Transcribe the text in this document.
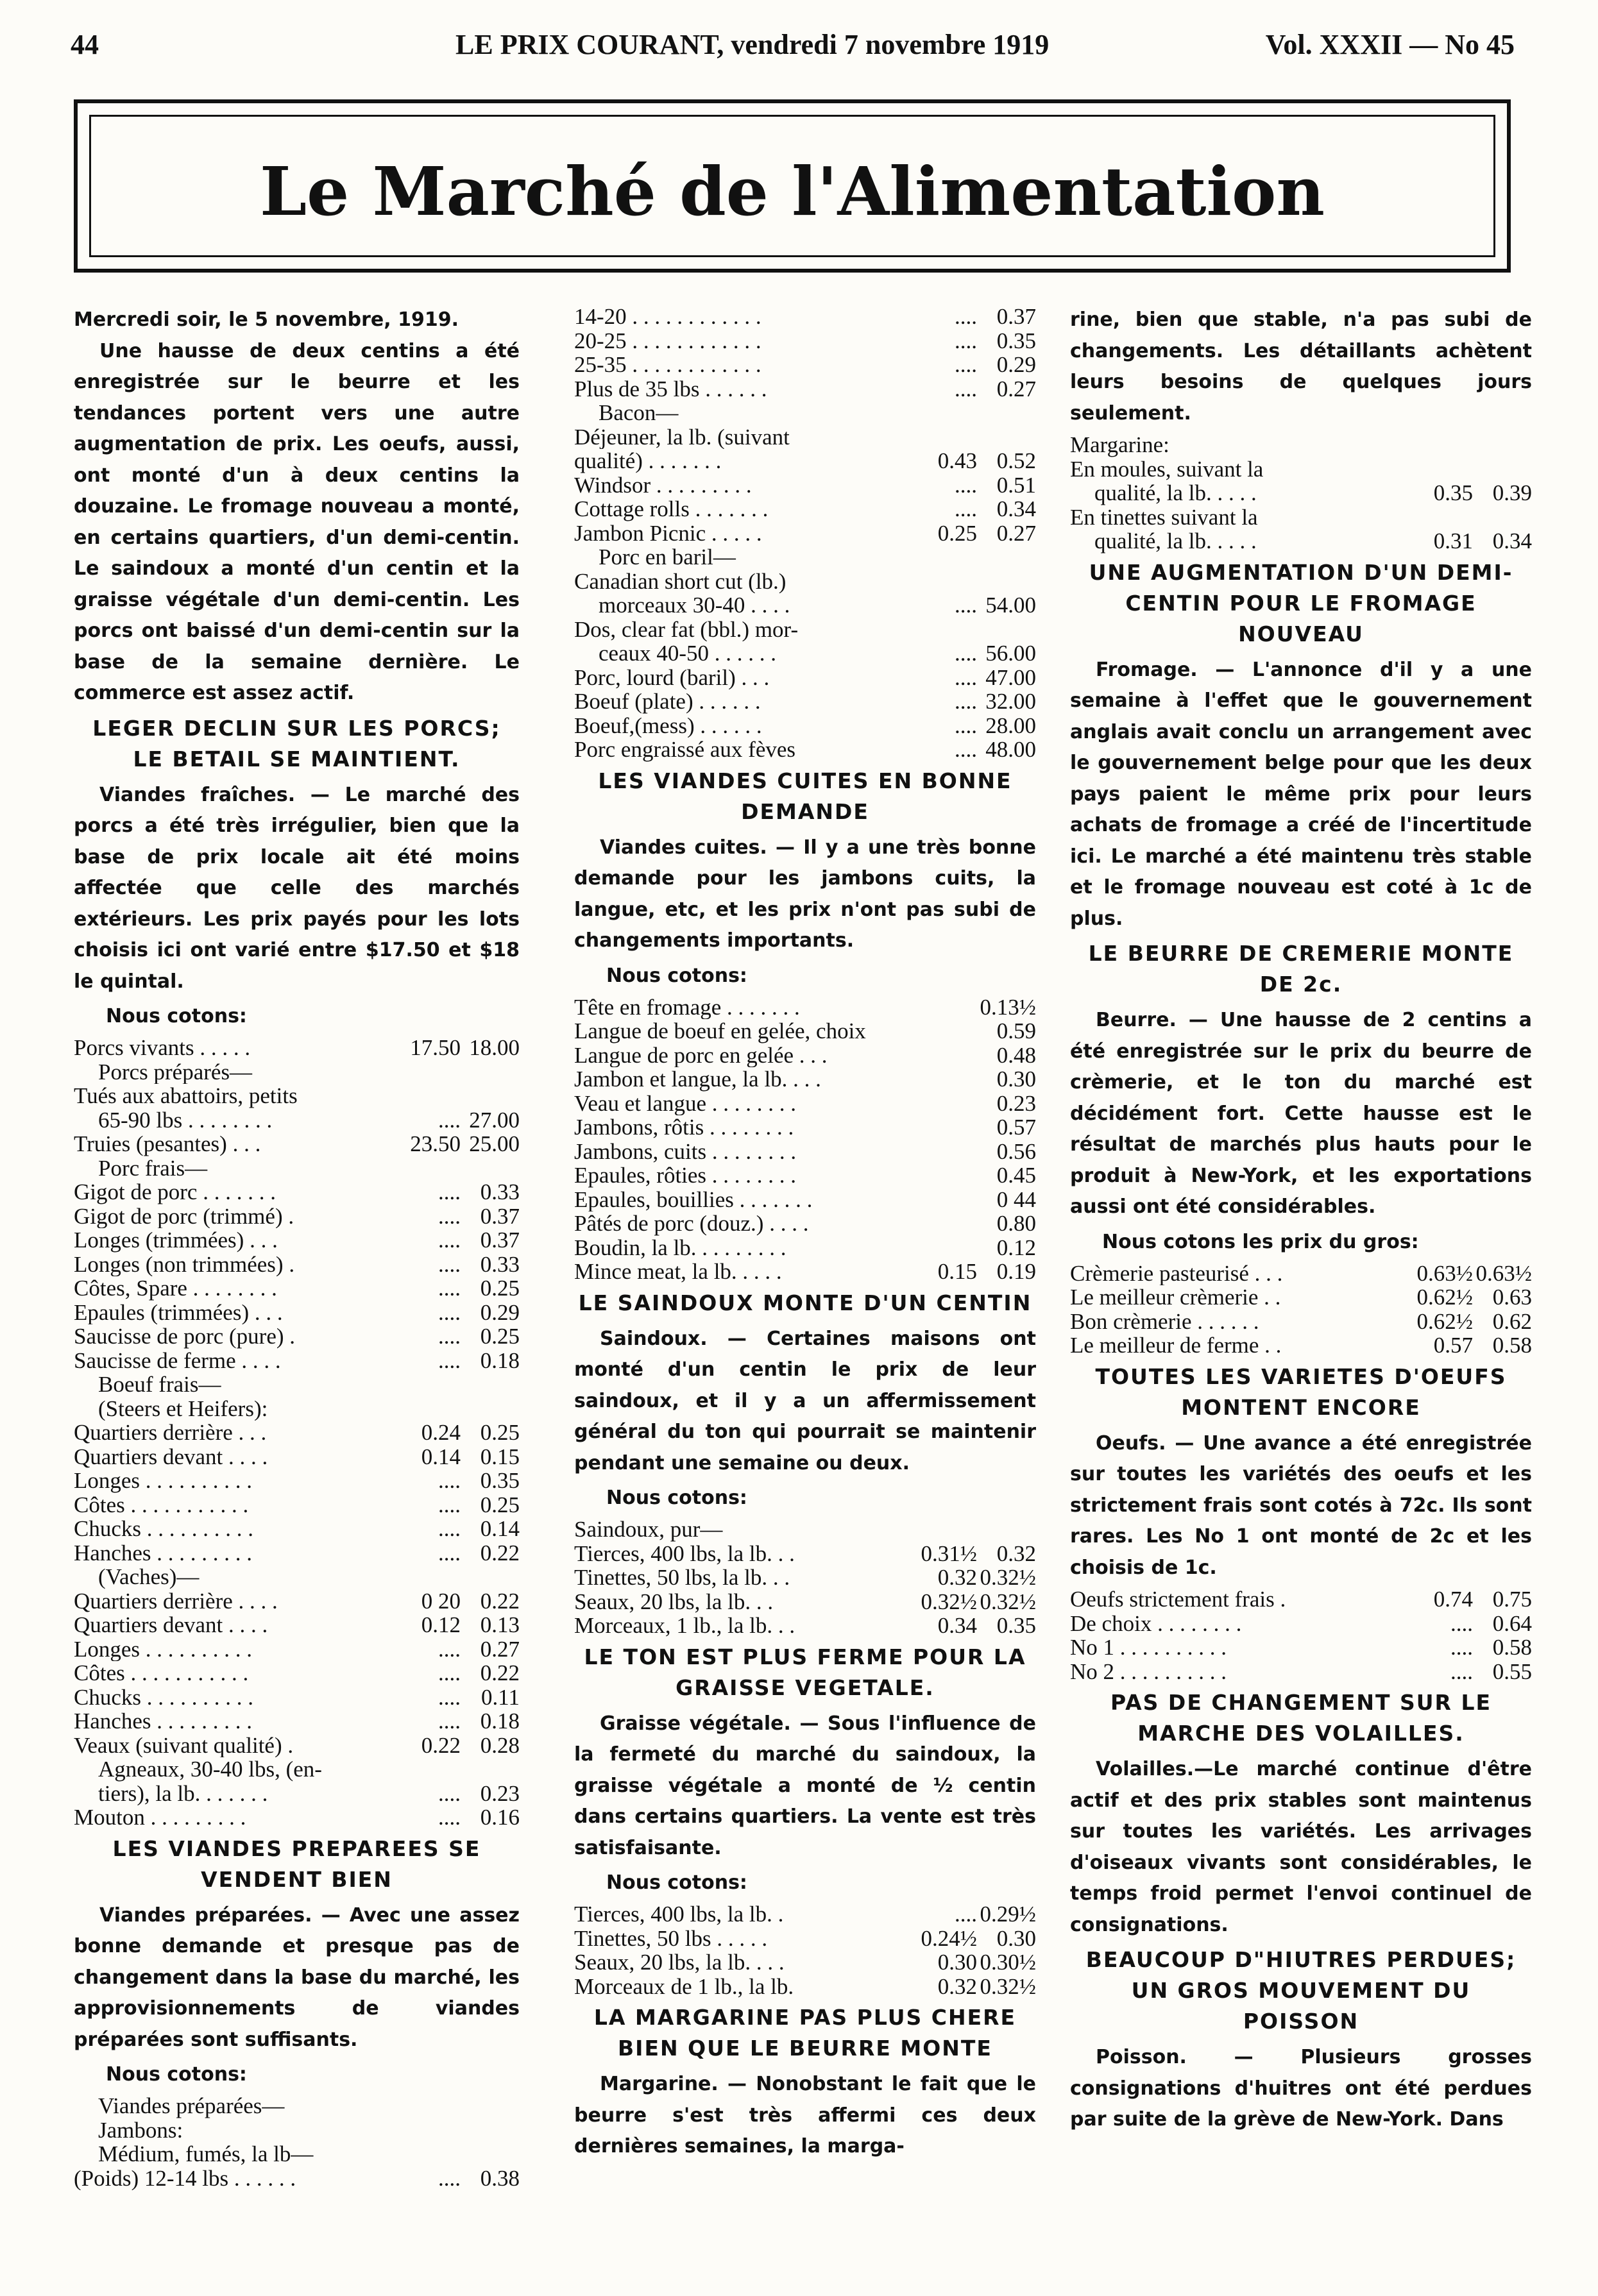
44	LE PRIX COURANT, vendredi 7 novembre 1919	Vol. XXXII — No 45
Le Marché de l'Alimentation

Mercredi soir, le 5 novembre, 1919.

Une hausse de deux centins a été enregistrée sur le beurre et les tendances portent vers une autre augmentation de prix. Les oeufs, aussi, ont monté d'un à deux centins la douzaine. Le fromage nouveau a monté, en certains quartiers, d'un demi-centin. Le saindoux a monté d'un centin et la graisse végétale d'un demi-centin. Les porcs ont baissé d'un demi-centin sur la base de la semaine dernière. Le commerce est assez actif.

LEGER DECLIN SUR LES PORCS; LE BETAIL SE MAINTIENT.

Viandes fraîches. — Le marché des porcs a été très irrégulier, bien que la base de prix locale ait été moins affectée que celle des marchés extérieurs. Les prix payés pour les lots choisis ici ont varié entre $17.50 et $18 le quintal.

Nous cotons:
Porcs vivants . . . . .	17.50 18.00
Porcs préparés—
Tués aux abattoirs, petits
65-90 lbs . . . . . . . .	.... 27.00
Truies (pesantes) . . .	23.50 25.00
Porc frais—
Gigot de porc . . . . . . .	.... 0.33
Gigot de porc (trimmé) .	.... 0.37
Longes (trimmées) . . .	.... 0.37
Longes (non trimmées) .	.... 0.33
Côtes, Spare . . . . . . . .	.... 0.25
Epaules (trimmées) . . .	.... 0.29
Saucisse de porc (pure) .	.... 0.25
Saucisse de ferme . . . .	.... 0.18
Boeuf frais—
(Steers et Heifers):
Quartiers derrière . . .	0.24 0.25
Quartiers devant . . . .	0.14 0.15
Longes . . . . . . . . . .	.... 0.35
Côtes . . . . . . . . . . .	.... 0.25
Chucks . . . . . . . . . .	.... 0.14
Hanches . . . . . . . . .	.... 0.22
(Vaches)—
Quartiers derrière . . . .	0 20 0.22
Quartiers devant . . . .	0.12 0.13
Longes . . . . . . . . . .	.... 0.27
Côtes . . . . . . . . . . .	.... 0.22
Chucks . . . . . . . . . .	.... 0.11
Hanches . . . . . . . . .	.... 0.18
Veaux (suivant qualité) .	0.22 0.28
Agneaux, 30-40 lbs, (en-
tiers), la lb. . . . . . .	.... 0.23
Mouton . . . . . . . . .	.... 0.16
LES VIANDES PREPAREES SE VENDENT BIEN

Viandes préparées. — Avec une assez bonne demande et presque pas de changement dans la base du marché, les approvisionnements de viandes préparées sont suffisants.

Nous cotons:
Viandes préparées—
Jambons:
Médium, fumés, la lb—
(Poids) 12-14 lbs . . . . . .	.... 0.38
14-20 . . . . . . . . . . . .	.... 0.37
20-25 . . . . . . . . . . . .	.... 0.35
25-35 . . . . . . . . . . . .	.... 0.29
Plus de 35 lbs . . . . . .	.... 0.27
Bacon—
Déjeuner, la lb. (suivant
qualité) . . . . . . .	0.43 0.52
Windsor . . . . . . . . .	.... 0.51
Cottage rolls . . . . . . .	.... 0.34
Jambon Picnic . . . . .	0.25 0.27
Porc en baril—
Canadian short cut (lb.)
morceaux 30-40 . . . .	.... 54.00
Dos, clear fat (bbl.) mor-
ceaux 40-50 . . . . . .	.... 56.00
Porc, lourd (baril) . . .	.... 47.00
Boeuf (plate) . . . . . .	.... 32.00
Boeuf,(mess) . . . . . .	.... 28.00
Porc engraissé aux fèves	.... 48.00
LES VIANDES CUITES EN BONNE DEMANDE

Viandes cuites. — Il y a une très bonne demande pour les jambons cuits, la langue, etc, et les prix n'ont pas subi de changements importants.

Nous cotons:
Tête en fromage . . . . . . .	0.13½
Langue de boeuf en gelée, choix	0.59
Langue de porc en gelée . . .	0.48
Jambon et langue, la lb. . . .	0.30
Veau et langue . . . . . . . .	0.23
Jambons, rôtis . . . . . . . .	0.57
Jambons, cuits . . . . . . . .	0.56
Epaules, rôties . . . . . . . .	0.45
Epaules, bouillies . . . . . . .	0 44
Pâtés de porc (douz.) . . . .	0.80
Boudin, la lb. . . . . . . . .	0.12
Mince meat, la lb. . . . .	0.15 0.19
LE SAINDOUX MONTE D'UN CENTIN

Saindoux. — Certaines maisons ont monté d'un centin le prix de leur saindoux, et il y a un affermissement général du ton qui pourrait se maintenir pendant une semaine ou deux.

Nous cotons:
Saindoux, pur—
Tierces, 400 lbs, la lb. . .	0.31½ 0.32
Tinettes, 50 lbs, la lb. . .	0.32 0.32½
Seaux, 20 lbs, la lb. . .	0.32½ 0.32½
Morceaux, 1 lb., la lb. . .	0.34 0.35
LE TON EST PLUS FERME POUR LA GRAISSE VEGETALE.

Graisse végétale. — Sous l'influence de la fermeté du marché du saindoux, la graisse végétale a monté de ½ centin dans certains quartiers. La vente est très satisfaisante.

Nous cotons:
Tierces, 400 lbs, la lb. .	.... 0.29½
Tinettes, 50 lbs . . . . .	0.24½ 0.30
Seaux, 20 lbs, la lb. . . .	0.30 0.30½
Morceaux de 1 lb., la lb.	0.32 0.32½
LA MARGARINE PAS PLUS CHERE BIEN QUE LE BEURRE MONTE

Margarine. — Nonobstant le fait que le beurre s'est très affermi ces deux dernières semaines, la marga-

rine, bien que stable, n'a pas subi de changements. Les détaillants achètent leurs besoins de quelques jours seulement.

Margarine:
En moules, suivant la
qualité, la lb. . . . .	0.35 0.39
En tinettes suivant la
qualité, la lb. . . . .	0.31 0.34
UNE AUGMENTATION D'UN DEMI-CENTIN POUR LE FROMAGE NOUVEAU

Fromage. — L'annonce d'il y a une semaine à l'effet que le gouvernement anglais avait conclu un arrangement avec le gouvernement belge pour que les deux pays paient le même prix pour leurs achats de fromage a créé de l'incertitude ici. Le marché a été maintenu très stable et le fromage nouveau est coté à 1c de plus.

LE BEURRE DE CREMERIE MONTE DE 2c.

Beurre. — Une hausse de 2 centins a été enregistrée sur le prix du beurre de crèmerie, et le ton du marché est décidément fort. Cette hausse est le résultat de marchés plus hauts pour le produit à New-York, et les exportations aussi ont été considérables.

Nous cotons les prix du gros:
Crèmerie pasteurisé . . .	0.63½ 0.63½
Le meilleur crèmerie . .	0.62½ 0.63
Bon crèmerie . . . . . .	0.62½ 0.62
Le meilleur de ferme . .	0.57 0.58
TOUTES LES VARIETES D'OEUFS MONTENT ENCORE

Oeufs. — Une avance a été enregistrée sur toutes les variétés des oeufs et les strictement frais sont cotés à 72c. Ils sont rares. Les No 1 ont monté de 2c et les choisis de 1c.

Oeufs strictement frais .	0.74 0.75
De choix . . . . . . . .	.... 0.64
No 1 . . . . . . . . . .	.... 0.58
No 2 . . . . . . . . . .	.... 0.55
PAS DE CHANGEMENT SUR LE MARCHE DES VOLAILLES.

Volailles.—Le marché continue d'être actif et des prix stables sont maintenus sur toutes les variétés. Les arrivages d'oiseaux vivants sont considérables, le temps froid permet l'envoi continuel de consignations.

BEAUCOUP D"HIUTRES PERDUES; UN GROS MOUVEMENT DU POISSON

Poisson. — Plusieurs grosses consignations d'huitres ont été perdues par suite de la grève de New-York. Dans
